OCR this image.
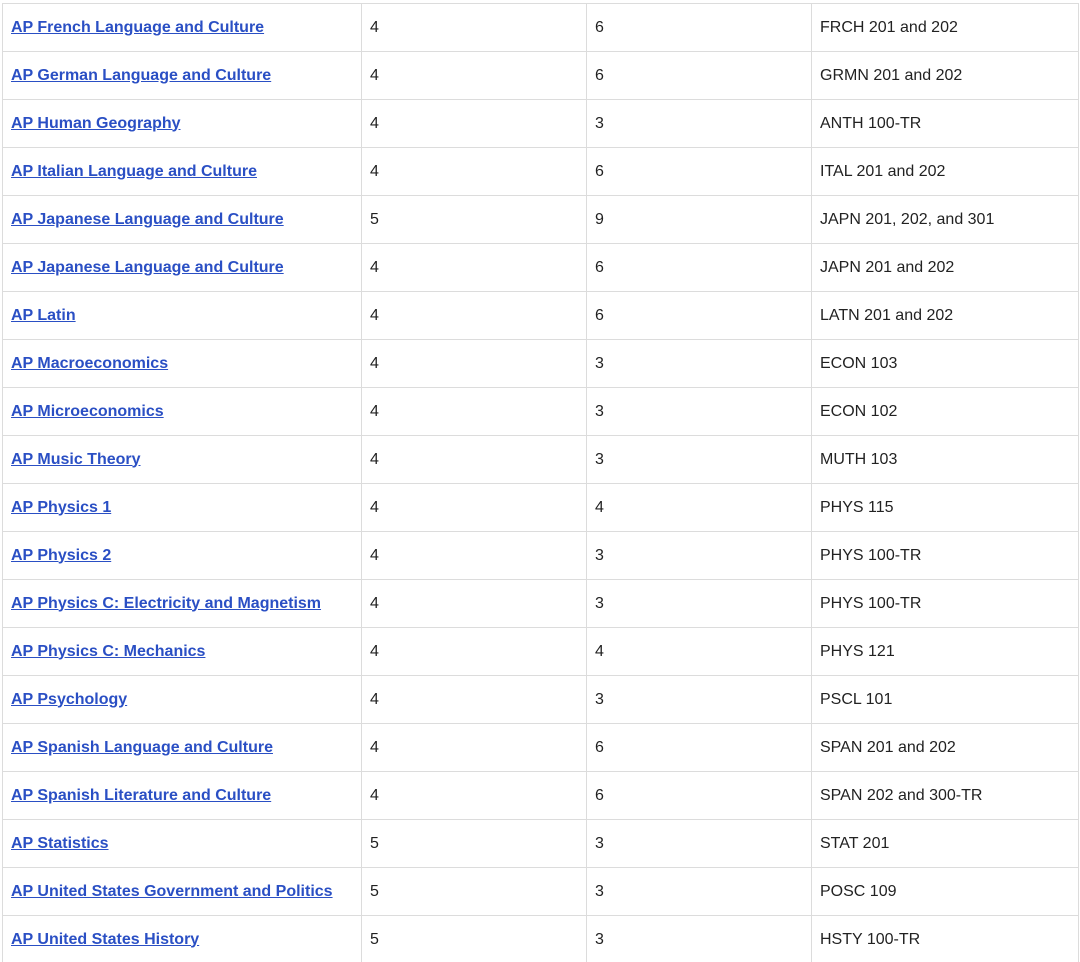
AP French Language and Culture	4	6	FRCH 201 and 202
AP German Language and Culture	4	6	GRMN 201 and 202
AP Human Geography	4	3	ANTH 100-TR
AP Italian Language and Culture	4	6	ITAL 201 and 202
AP Japanese Language and Culture	5	9	JAPN 201, 202, and 301
AP Japanese Language and Culture	4	6	JAPN 201 and 202
AP Latin	4	6	LATN 201 and 202
AP Macroeconomics	4	3	ECON 103
AP Microeconomics	4	3	ECON 102
AP Music Theory	4	3	MUTH 103
AP Physics 1	4	4	PHYS 115
AP Physics 2	4	3	PHYS 100-TR
AP Physics C: Electricity and Magnetism	4	3	PHYS 100-TR
AP Physics C: Mechanics	4	4	PHYS 121
AP Psychology	4	3	PSCL 101
AP Spanish Language and Culture	4	6	SPAN 201 and 202
AP Spanish Literature and Culture	4	6	SPAN 202 and 300-TR
AP Statistics	5	3	STAT 201
AP United States Government and Politics	5	3	POSC 109
AP United States History	5	3	HSTY 100-TR
